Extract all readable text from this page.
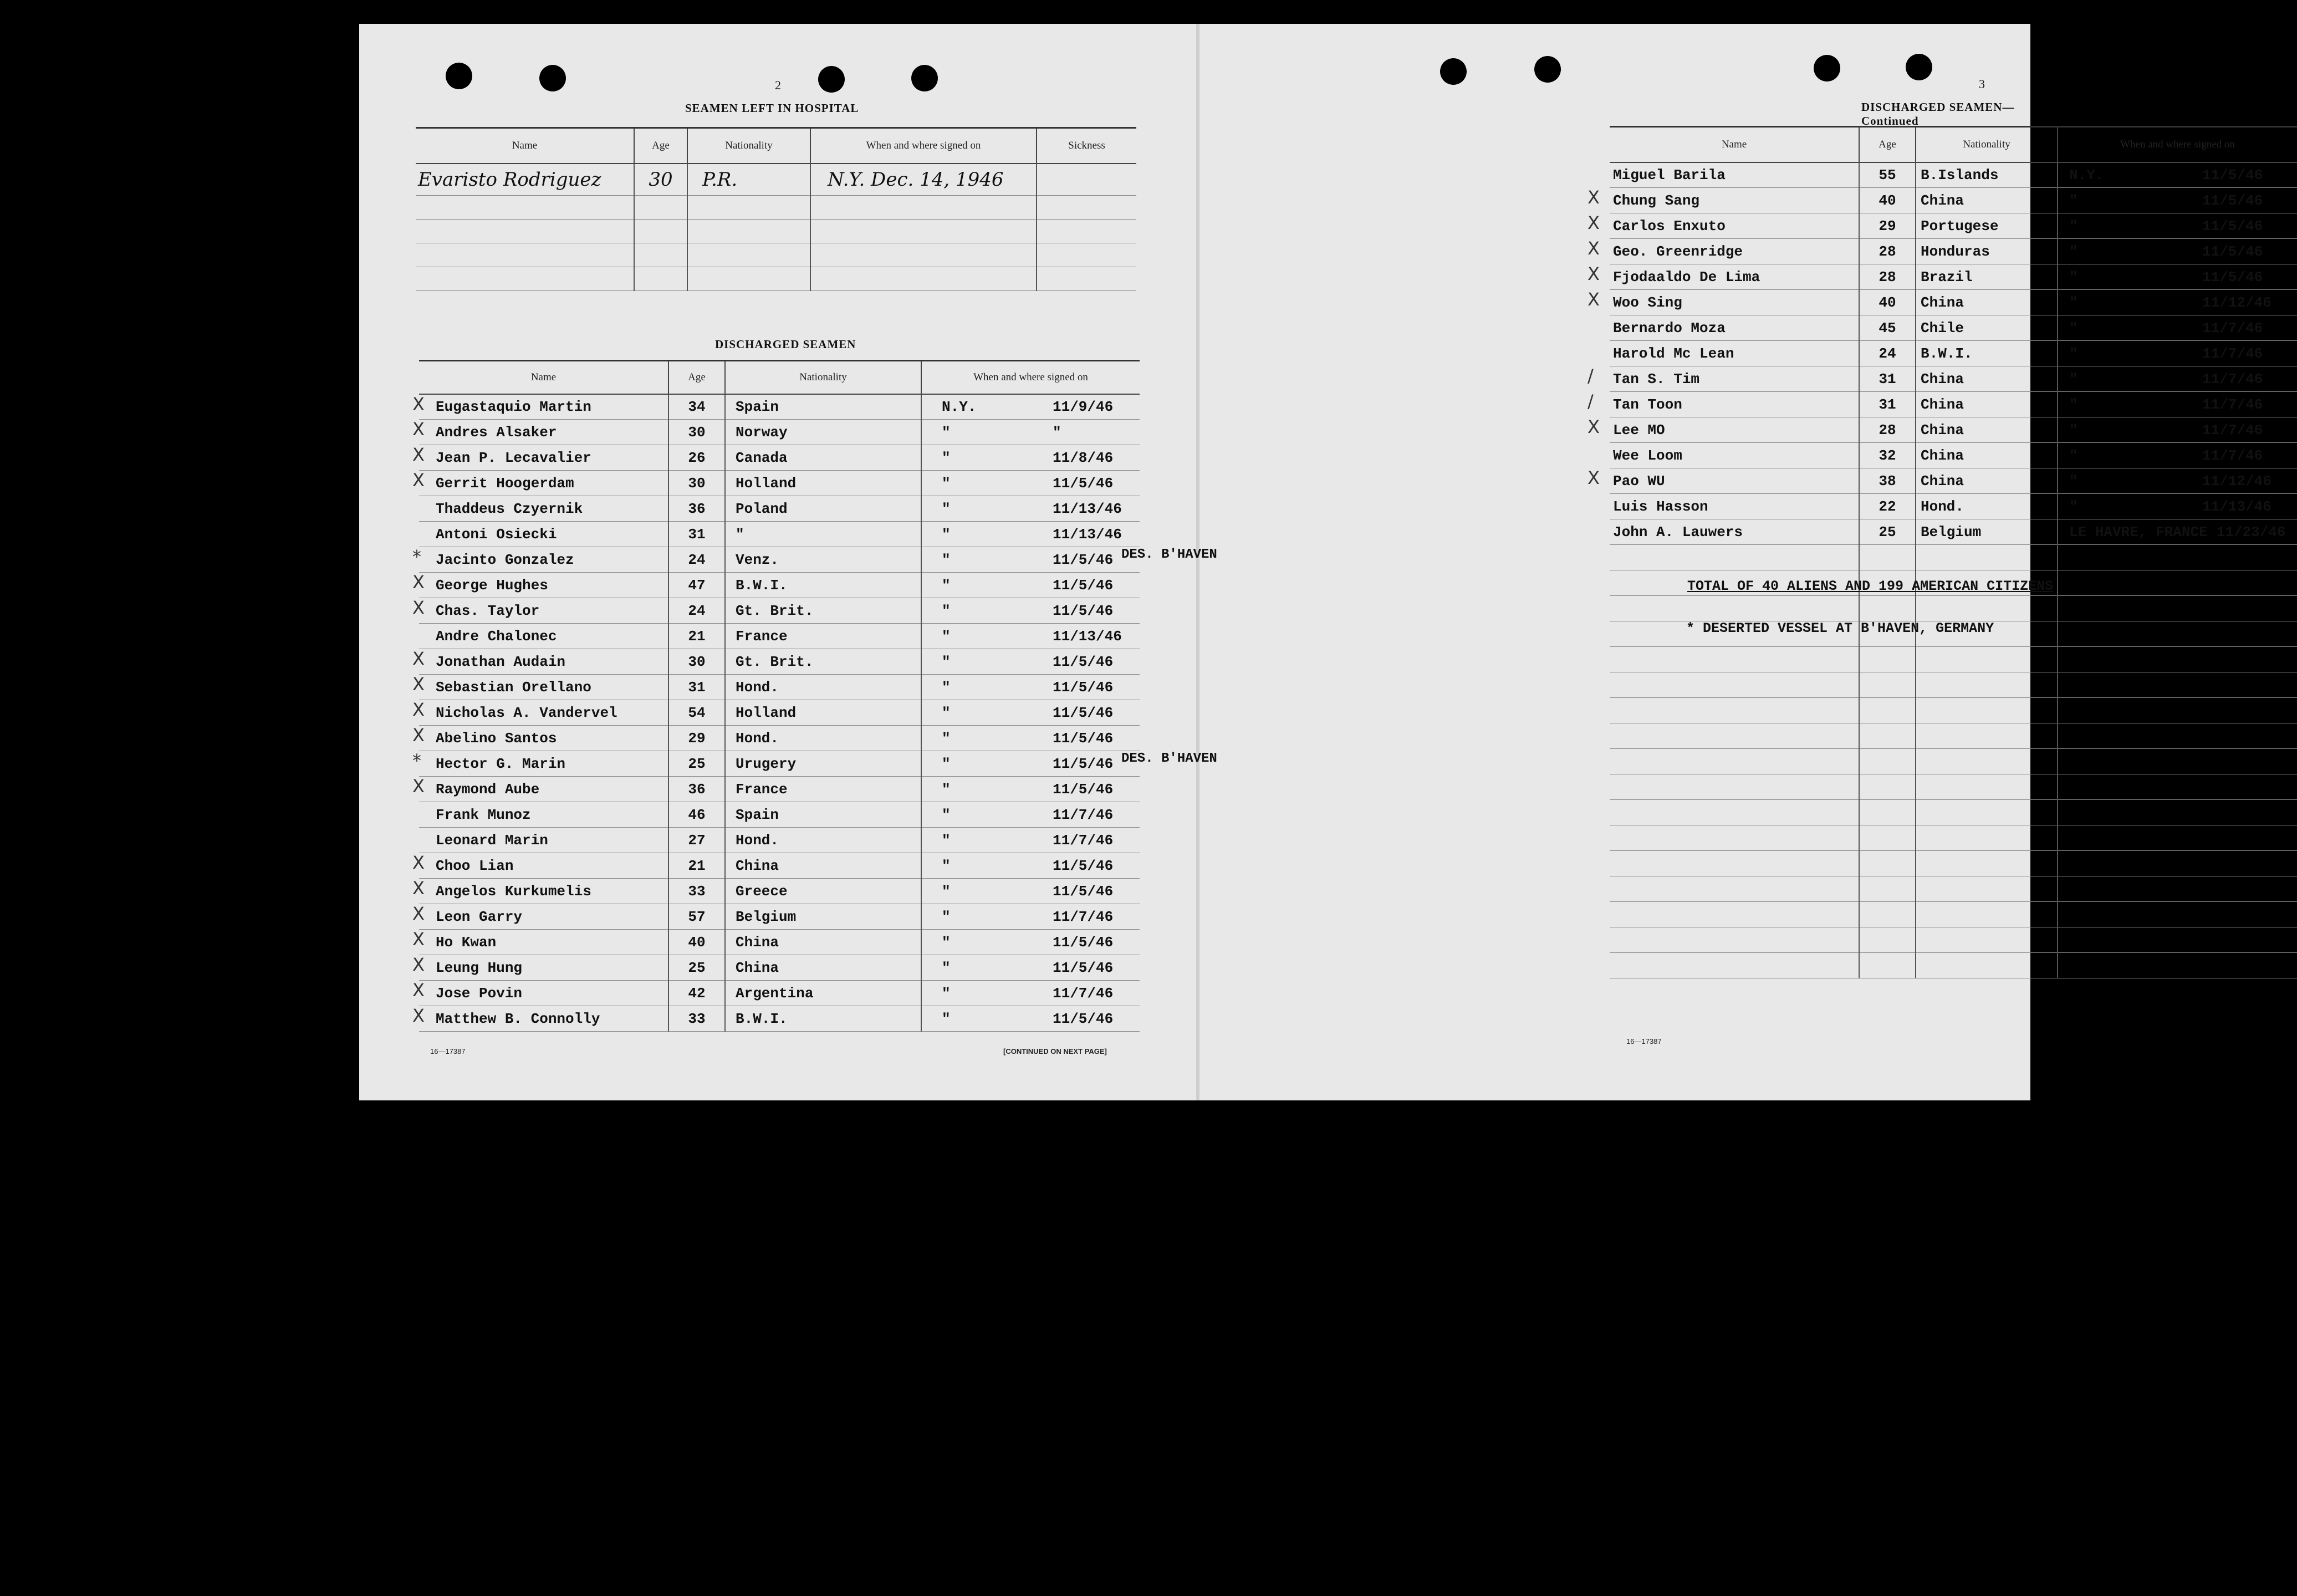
2
SEAMEN LEFT IN HOSPITAL
Name	Age	Nationality	When and where signed on	Sickness
Evaristo Rodriguez	30	P.R.	N.Y. Dec. 14, 1946	

DISCHARGED SEAMEN
Name	Age	Nationality	When and where signed on

X Eugastaquio Martin	34	Spain	N.Y. 11/9/46

X Andres Alsaker	30	Norway	" "

X Jean P. Lecavalier	26	Canada	" 11/8/46

X Gerrit Hoogerdam	30	Holland	" 11/5/46

Thaddeus Czyernik	36	Poland	" 11/13/46

Antoni Osiecki	31	"	" 11/13/46

* Jacinto Gonzalez	24	Venz.	" 11/5/46 DES. B'HAVEN

X George Hughes	47	B.W.I.	" 11/5/46

X Chas. Taylor	24	Gt. Brit.	" 11/5/46

Andre Chalonec	21	France	" 11/13/46

X Jonathan Audain	30	Gt. Brit.	" 11/5/46

X Sebastian Orellano	31	Hond.	" 11/5/46

X Nicholas A. Vandervel	54	Holland	" 11/5/46

X Abelino Santos	29	Hond.	" 11/5/46

* Hector G. Marin	25	Urugery	" 11/5/46 DES. B'HAVEN

X Raymond Aube	36	France	" 11/5/46

Frank Munoz	46	Spain	" 11/7/46

Leonard Marin	27	Hond.	" 11/7/46

X Choo Lian	21	China	" 11/5/46

X Angelos Kurkumelis	33	Greece	" 11/5/46

X Leon Garry	57	Belgium	" 11/7/46

X Ho Kwan	40	China	" 11/5/46

X Leung Hung	25	China	" 11/5/46

X Jose Povin	42	Argentina	" 11/7/46

X Matthew B. Connolly	33	B.W.I.	" 11/5/46
16—17387	[CONTINUED ON NEXT PAGE]
3
DISCHARGED SEAMEN—Continued
Name	Age	Nationality	When and where signed on

Miguel Barila	55	B.Islands	N.Y. 11/5/46

X Chung Sang	40	China	" 11/5/46

X Carlos Enxuto	29	Portugese	" 11/5/46

X Geo. Greenridge	28	Honduras	" 11/5/46

X Fjodaaldo De Lima	28	Brazil	" 11/5/46

X Woo Sing	40	China	" 11/12/46

Bernardo Moza	45	Chile	" 11/7/46

Harold Mc Lean	24	B.W.I.	" 11/7/46

/ Tan S. Tim	31	China	" 11/7/46

/ Tan Toon	31	China	" 11/7/46

X Lee MO	28	China	" 11/7/46

Wee Loom	32	China	" 11/7/46

X Pao WU	38	China	" 11/12/46

Luis Hasson	22	Hond.	" 11/13/46

John A. Lauwers	25	Belgium	LE HAVRE, FRANCE 11/23/46

TOTAL OF 40 ALIENS AND 199 AMERICAN CITIZENS
* DESERTED VESSEL AT B'HAVEN, GERMANY
16—17387
